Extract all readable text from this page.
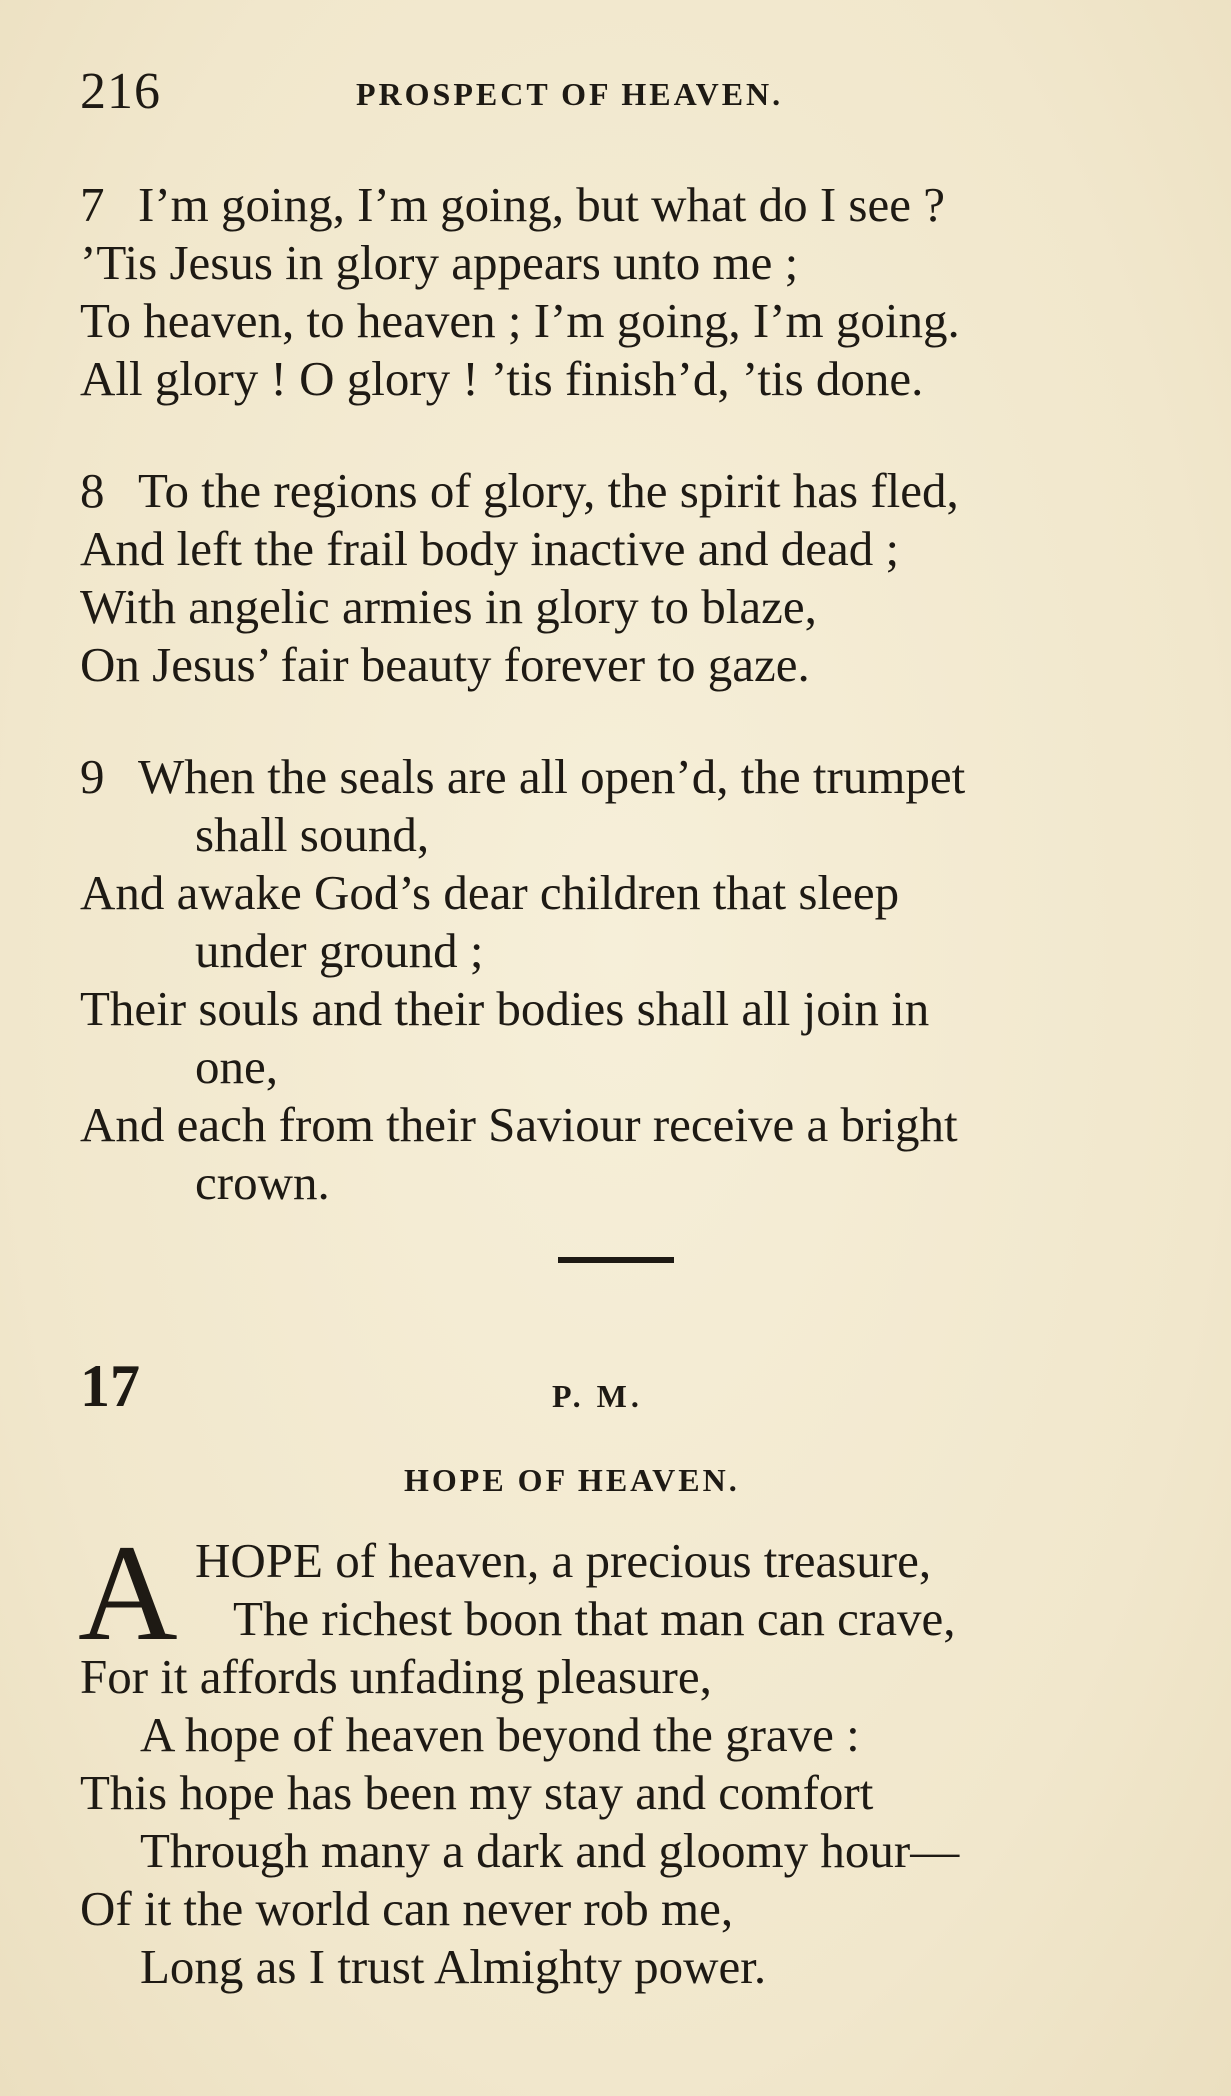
216	PROSPECT OF HEAVEN.
7 I’m going, I’m going, but what do I see ?
’Tis Jesus in glory appears unto me ;
To heaven, to heaven ; I’m going, I’m going.
All glory ! O glory ! ’tis finish’d, ’tis done.
8 To the regions of glory, the spirit has fled,
And left the frail body inactive and dead ;
With angelic armies in glory to blaze,
On Jesus’ fair beauty forever to gaze.
9 When the seals are all open’d, the trumpet
shall sound,
And awake God’s dear children that sleep
under ground ;
Their souls and their bodies shall all join in
one,
And each from their Saviour receive a bright
crown.
17	P. M.
HOPE OF HEAVEN.
A HOPE of heaven, a precious treasure,
The richest boon that man can crave,
For it affords unfading pleasure,
A hope of heaven beyond the grave :
This hope has been my stay and comfort
Through many a dark and gloomy hour—
Of it the world can never rob me,
Long as I trust Almighty power.
